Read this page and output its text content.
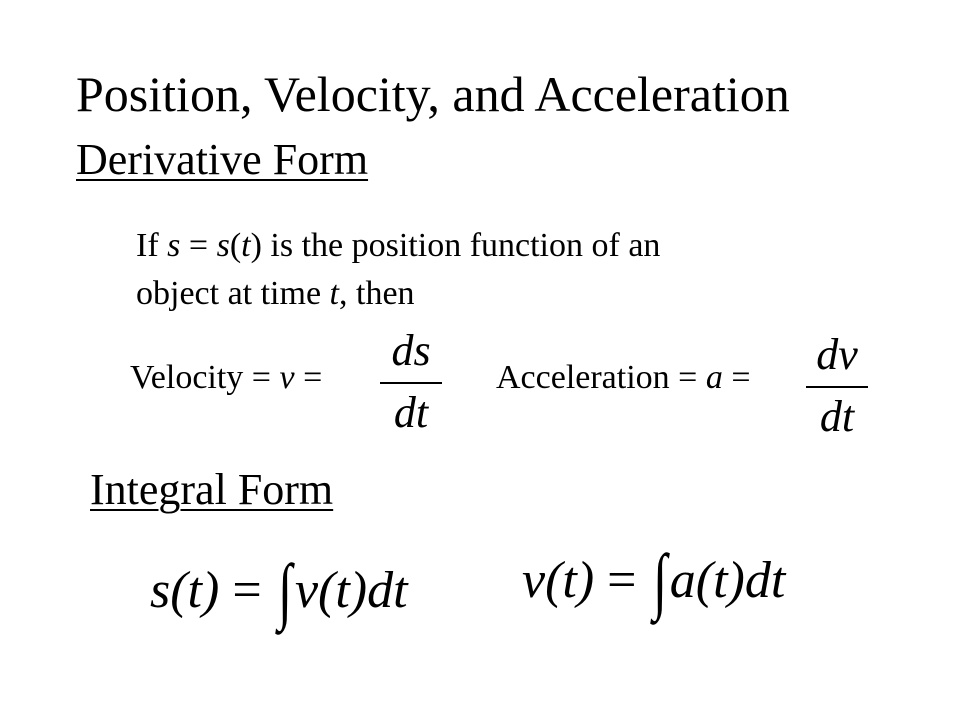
Position, Velocity, and Acceleration
Derivative Form

If s = s(t) is the position function of an

object at time t, then

Velocity = v =
ds
dt
Acceleration = a = dv
dt
Integral Form
s(t) = ∫v(t)dt v(t) = ∫a(t)dt
